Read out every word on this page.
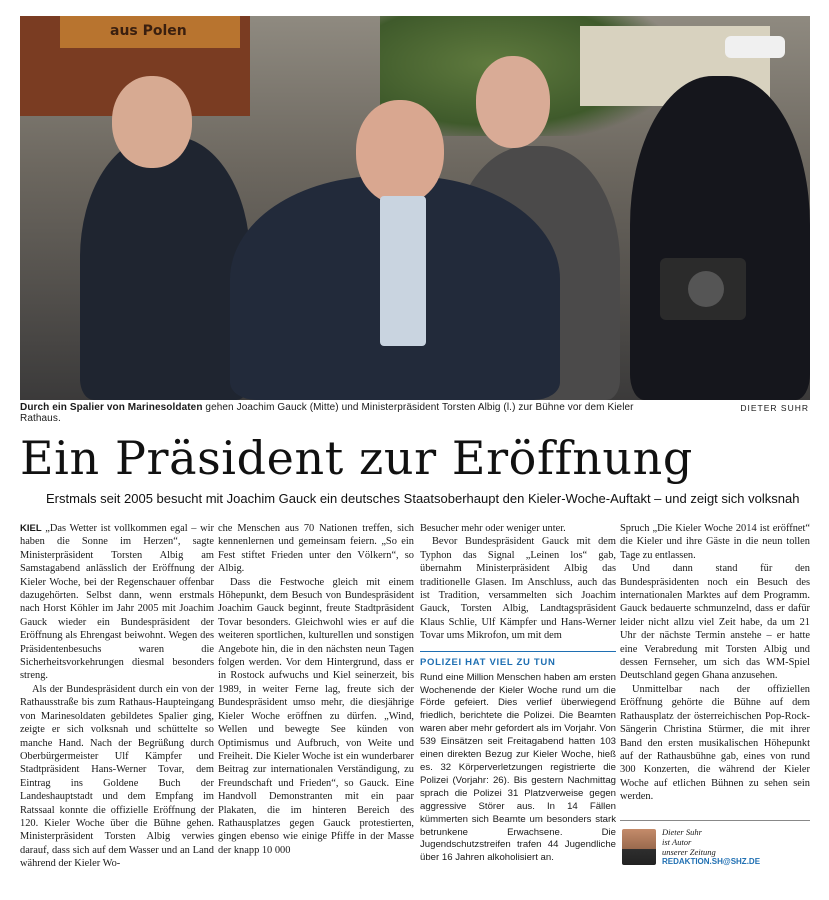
aus Polen
Durch ein Spalier von Marinesoldaten gehen Joachim Gauck (Mitte) und Ministerpräsident Torsten Albig (l.) zur Bühne vor dem Kieler Rathaus.
DIETER SUHR
Ein Präsident zur Eröffnung
Erstmals seit 2005 besucht mit Joachim Gauck ein deutsches Staatsoberhaupt den Kieler-Woche-Auftakt – und zeigt sich volksnah

KIEL „Das Wetter ist vollkommen egal – wir haben die Sonne im Herzen“, sagte Ministerpräsident Torsten Albig am Samstagabend anlässlich der Eröffnung der Kieler Woche, bei der Regenschauer offenbar dazugehörten. Selbst dann, wenn erstmals nach Horst Köhler im Jahr 2005 mit Joachim Gauck wieder ein Bundespräsident der Eröffnung als Ehrengast beiwohnt. Wegen des Präsidentenbesuchs waren die Sicherheitsvorkehrungen diesmal besonders streng.

Als der Bundespräsident durch ein von der Rathausstraße bis zum Rathaus-Haupteingang von Marinesoldaten gebildetes Spalier ging, zeigte er sich volksnah und schüttelte so manche Hand. Nach der Begrüßung durch Oberbürgermeister Ulf Kämpfer und Stadtpräsident Hans-Werner Tovar, dem Eintrag ins Goldene Buch der Landeshauptstadt und dem Empfang im Ratssaal konnte die offizielle Eröffnung der 120. Kieler Woche über die Bühne gehen. Ministerpräsident Torsten Albig verwies darauf, dass sich auf dem Wasser und an Land während der Kieler Wo-

che Menschen aus 70 Nationen treffen, sich kennenlernen und gemeinsam feiern. „So ein Fest stiftet Frieden unter den Völkern“, so Albig.

Dass die Festwoche gleich mit einem Höhepunkt, dem Besuch von Bundespräsident Joachim Gauck beginnt, freute Stadtpräsident Tovar besonders. Gleichwohl wies er auf die weiteren sportlichen, kulturellen und sonstigen Angebote hin, die in den nächsten neun Tagen folgen werden. Vor dem Hintergrund, dass er in Rostock aufwuchs und Kiel seinerzeit, bis 1989, in weiter Ferne lag, freute sich der Bundespräsident umso mehr, die diesjährige Kieler Woche eröffnen zu dürfen. „Wind, Wellen und bewegte See künden von Optimismus und Aufbruch, von Weite und Freiheit. Die Kieler Woche ist ein wunderbarer Beitrag zur internationalen Verständigung, zu Freundschaft und Frieden“, so Gauck. Eine Handvoll Demonstranten mit ein paar Plakaten, die im hinteren Bereich des Rathausplatzes gegen Gauck protestierten, gingen ebenso wie einige Pfiffe in der Masse der knapp 10 000

Besucher mehr oder weniger unter.

Bevor Bundespräsident Gauck mit dem Typhon das Signal „Leinen los“ gab, übernahm Ministerpräsident Albig das traditionelle Glasen. Im Anschluss, auch das ist Tradition, versammelten sich Joachim Gauck, Torsten Albig, Landtagspräsident Klaus Schlie, Ulf Kämpfer und Hans-Werner Tovar ums Mikrofon, um mit dem

POLIZEI HAT VIEL ZU TUN

Rund eine Million Menschen haben am ersten Wochenende der Kieler Woche rund um die Förde gefeiert. Dies verlief überwiegend friedlich, berichtete die Polizei. Die Beamten waren aber mehr gefordert als im Vorjahr. Von 539 Einsätzen seit Freitagabend hatten 103 einen direkten Bezug zur Kieler Woche, hieß es. 32 Körperverletzungen registrierte die Polizei (Vorjahr: 26). Bis gestern Nachmittag sprach die Polizei 31 Platzverweise gegen aggressive Störer aus. In 14 Fällen kümmerten sich Beamte um besonders stark betrunkene Erwachsene. Die Jugendschutzstreifen trafen 44 Jugendliche über 16 Jahren alkoholisiert an.

Spruch „Die Kieler Woche 2014 ist eröffnet“ die Kieler und ihre Gäste in die neun tollen Tage zu entlassen.

Und dann stand für den Bundespräsidenten noch ein Besuch des internationalen Marktes auf dem Programm. Gauck bedauerte schmunzelnd, dass er dafür leider nicht allzu viel Zeit habe, da um 21 Uhr der nächste Termin anstehe – er hatte eine Verabredung mit Torsten Albig und dessen Fernseher, um sich das WM-Spiel Deutschland gegen Ghana anzusehen.

Unmittelbar nach der offiziellen Eröffnung gehörte die Bühne auf dem Rathausplatz der österreichischen Pop-Rock-Sängerin Christina Stürmer, die mit ihrer Band den ersten musikalischen Höhepunkt auf der Rathausbühne gab, eines von rund 300 Konzerten, die während der Kieler Woche auf etlichen Bühnen zu sehen sein werden.

Dieter Suhr
ist Autor
unserer Zeitung
REDAKTION.SH@SHZ.DE
